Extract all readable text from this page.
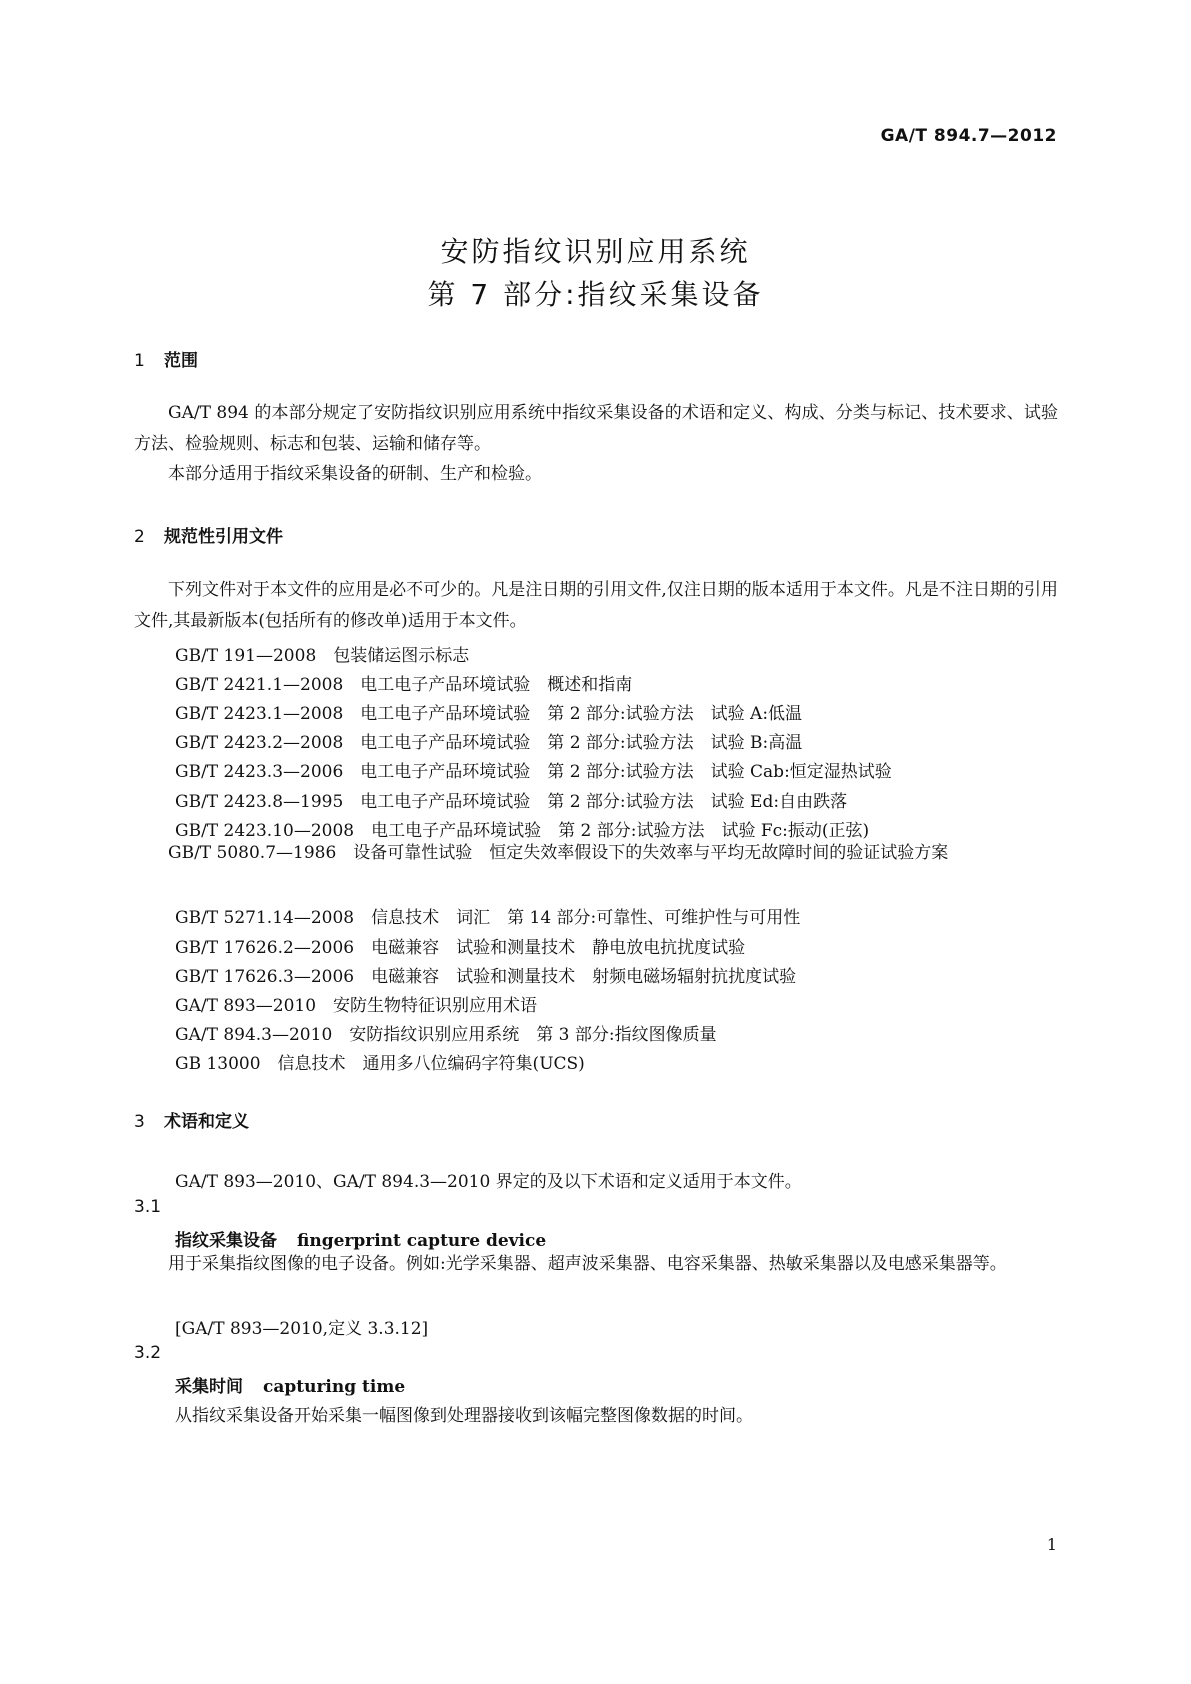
GA/T 894.7—2012
安防指纹识别应用系统
第 7 部分:指纹采集设备
1 范围
GA/T 894 的本部分规定了安防指纹识别应用系统中指纹采集设备的术语和定义、构成、分类与标记、技术要求、试验方法、检验规则、标志和包装、运输和储存等。
本部分适用于指纹采集设备的研制、生产和检验。
2 规范性引用文件
下列文件对于本文件的应用是必不可少的。凡是注日期的引用文件,仅注日期的版本适用于本文件。凡是不注日期的引用文件,其最新版本(包括所有的修改单)适用于本文件。
GB/T 191—2008　包装储运图示标志
GB/T 2421.1—2008　电工电子产品环境试验　概述和指南
GB/T 2423.1—2008　电工电子产品环境试验　第 2 部分:试验方法　试验 A:低温
GB/T 2423.2—2008　电工电子产品环境试验　第 2 部分:试验方法　试验 B:高温
GB/T 2423.3—2006　电工电子产品环境试验　第 2 部分:试验方法　试验 Cab:恒定湿热试验
GB/T 2423.8—1995　电工电子产品环境试验　第 2 部分:试验方法　试验 Ed:自由跌落
GB/T 2423.10—2008　电工电子产品环境试验　第 2 部分:试验方法　试验 Fc:振动(正弦)
GB/T 5080.7—1986　设备可靠性试验　恒定失效率假设下的失效率与平均无故障时间的验证试验方案
GB/T 5271.14—2008　信息技术　词汇　第 14 部分:可靠性、可维护性与可用性
GB/T 17626.2—2006　电磁兼容　试验和测量技术　静电放电抗扰度试验
GB/T 17626.3—2006　电磁兼容　试验和测量技术　射频电磁场辐射抗扰度试验
GA/T 893—2010　安防生物特征识别应用术语
GA/T 894.3—2010　安防指纹识别应用系统　第 3 部分:指纹图像质量
GB 13000　信息技术　通用多八位编码字符集(UCS)
3 术语和定义
GA/T 893—2010、GA/T 894.3—2010 界定的及以下术语和定义适用于本文件。
3.1
指纹采集设备 fingerprint capture device
用于采集指纹图像的电子设备。例如:光学采集器、超声波采集器、电容采集器、热敏采集器以及电感采集器等。
[GA/T 893—2010,定义 3.3.12]
3.2
采集时间 capturing time
从指纹采集设备开始采集一幅图像到处理器接收到该幅完整图像数据的时间。
1
